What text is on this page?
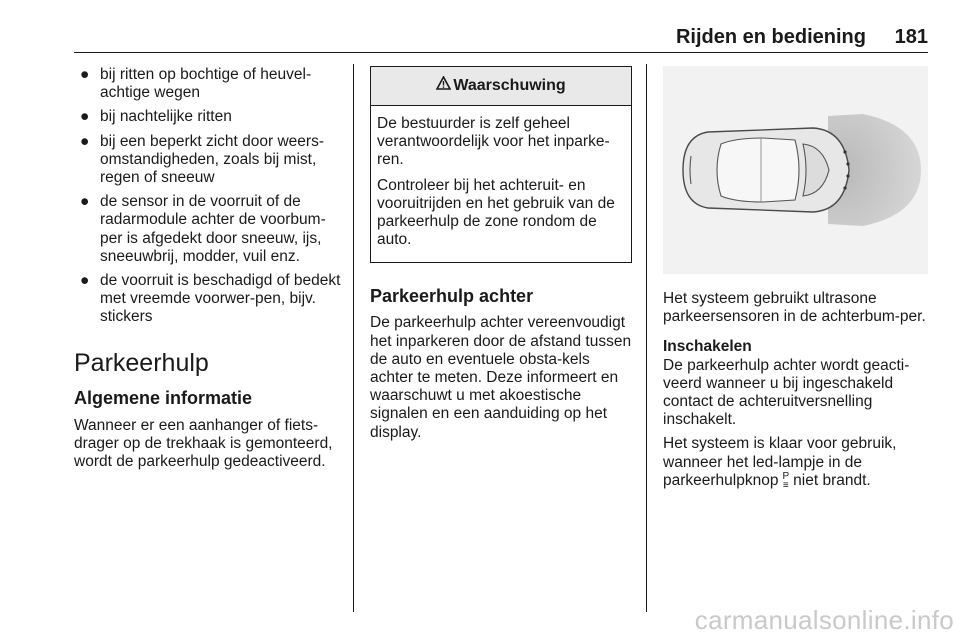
Rijden en bediening 181
● bij ritten op bochtige of heuvel-achtige wegen
● bij nachtelijke ritten
● bij een beperkt zicht door weers-omstandigheden, zoals bij mist, regen of sneeuw
● de sensor in de voorruit of de radarmodule achter de voorbum-per is afgedekt door sneeuw, ijs, sneeuwbrij, modder, vuil enz.
● de voorruit is beschadigd of bedekt met vreemde voorwer-pen, bijv. stickers
Parkeerhulp
Algemene informatie

Wanneer er een aanhanger of fiets-drager op de trekhaak is gemonteerd, wordt de parkeerhulp gedeactiveerd.

Waarschuwing

De bestuurder is zelf geheel verantwoordelijk voor het inparke-ren.

Controleer bij het achteruit- en vooruitrijden en het gebruik van de parkeerhulp de zone rondom de auto.

Parkeerhulp achter

De parkeerhulp achter vereenvoudigt het inparkeren door de afstand tussen de auto en eventuele obsta-kels achter te meten. Deze informeert en waarschuwt u met akoestische signalen en een aanduiding op het display.

Het systeem gebruikt ultrasone parkeersensoren in de achterbum-per.

Inschakelen

De parkeerhulp achter wordt geacti-veerd wanneer u bij ingeschakeld contact de achteruitversnelling inschakelt.

Het systeem is klaar voor gebruik, wanneer het led-lampje in de parkeerhulpknop P
≡ niet brandt.

carmanualsonline.info
